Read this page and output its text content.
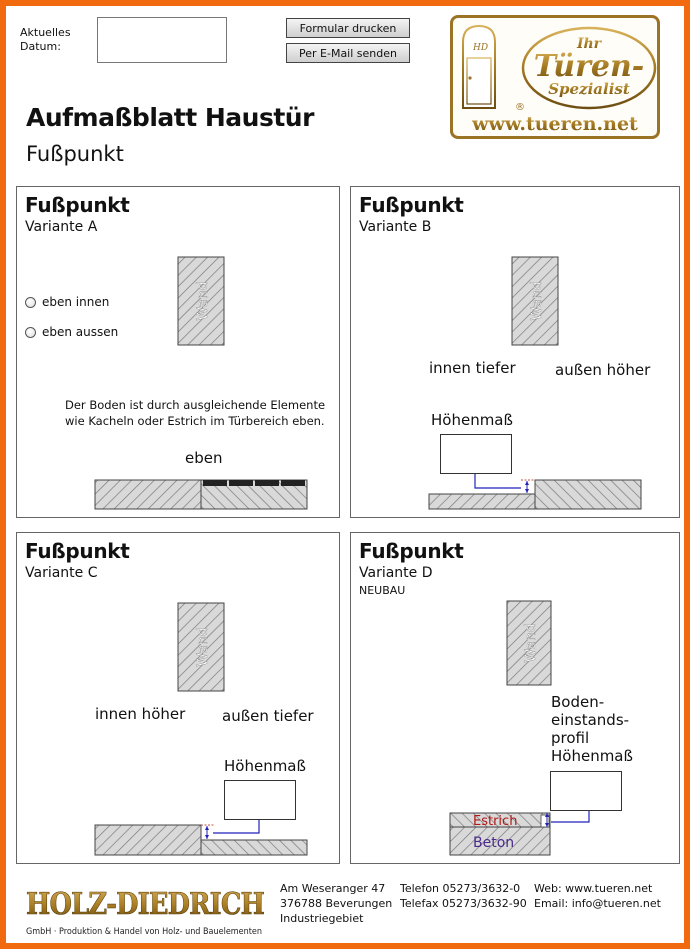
Aktuelles
Datum:
Formular drucken
Per E-Mail senden	HD	Ihr
Türen-
Spezialist
®
www.tueren.net
Aufmaßblatt Haustür
Fußpunkt
Fußpunkt
Variante A
Wand
eben innen
eben aussen
Der Boden ist durch ausgleichende Elemente
wie Kacheln oder Estrich im Türbereich eben.
eben
Fußpunkt
Variante B
Wand
innen tiefer	außen höher
Höhenmaß
Fußpunkt
Variante C
Wand
innen höher außen tiefer
Höhenmaß
Fußpunkt
Variante D
NEUBAU
Wand
Estrich
Beton
Boden-
einstands-
profil
Höhenmaß
HOLZ-DIEDRICH
GmbH · Produktion & Handel von Holz- und Bauelementen
Am Weseranger 47
376788 Beverungen
Industriegebiet
Telefon 05273/3632-0
Telefax 05273/3632-90
Web: www.tueren.net
Email: info@tueren.net
